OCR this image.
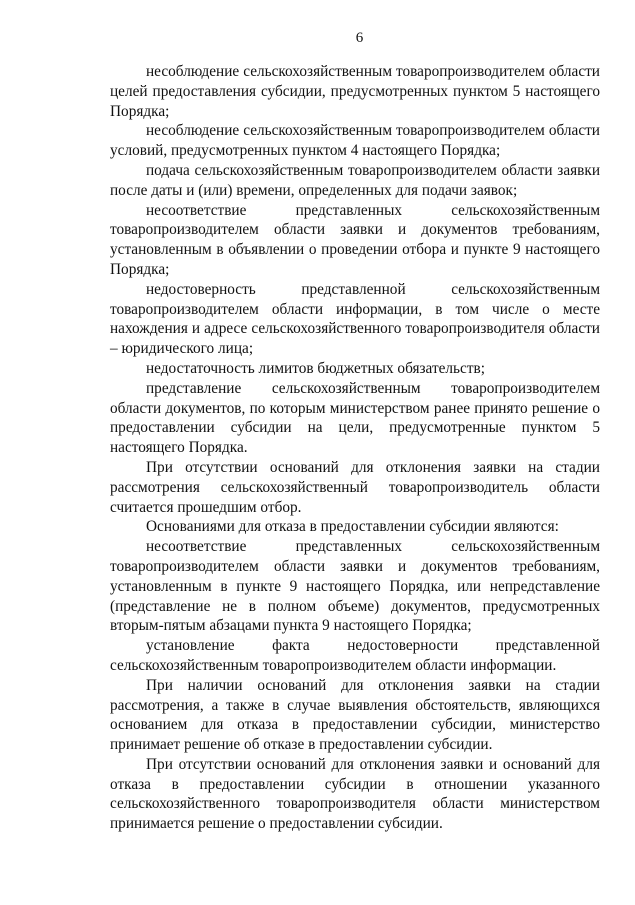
6

несоблюдение сельскохозяйственным товаропроизводителем области целей предоставления субсидии, предусмотренных пунктом 5 настоящего Порядка;

несоблюдение сельскохозяйственным товаропроизводителем области условий, предусмотренных пунктом 4 настоящего Порядка;

подача сельскохозяйственным товаропроизводителем области заявки после даты и (или) времени, определенных для подачи заявок;

несоответствие представленных сельскохозяйственным товаропроизводителем области заявки и документов требованиям, установленным в объявлении о проведении отбора и пункте 9 настоящего Порядка;

недостоверность представленной сельскохозяйственным товаропроизводителем области информации, в том числе о месте нахождения и адресе сельскохозяйственного товаропроизводителя области – юридического лица;

недостаточность лимитов бюджетных обязательств;

представление сельскохозяйственным товаропроизводителем области документов, по которым министерством ранее принято решение о предоставлении субсидии на цели, предусмотренные пунктом 5 настоящего Порядка.

При отсутствии оснований для отклонения заявки на стадии рассмотрения сельскохозяйственный товаропроизводитель области считается прошедшим отбор.

Основаниями для отказа в предоставлении субсидии являются:

несоответствие представленных сельскохозяйственным товаропроизводителем области заявки и документов требованиям, установленным в пункте 9 настоящего Порядка, или непредставление (представление не в полном объеме) документов, предусмотренных вторым-пятым абзацами пункта 9 настоящего Порядка;

установление факта недостоверности представленной сельскохозяйственным товаропроизводителем области информации.

При наличии оснований для отклонения заявки на стадии рассмотрения, а также в случае выявления обстоятельств, являющихся основанием для отказа в предоставлении субсидии, министерство принимает решение об отказе в предоставлении субсидии.

При отсутствии оснований для отклонения заявки и оснований для отказа в предоставлении субсидии в отношении указанного сельскохозяйственного товаропроизводителя области министерством принимается решение о предоставлении субсидии.
